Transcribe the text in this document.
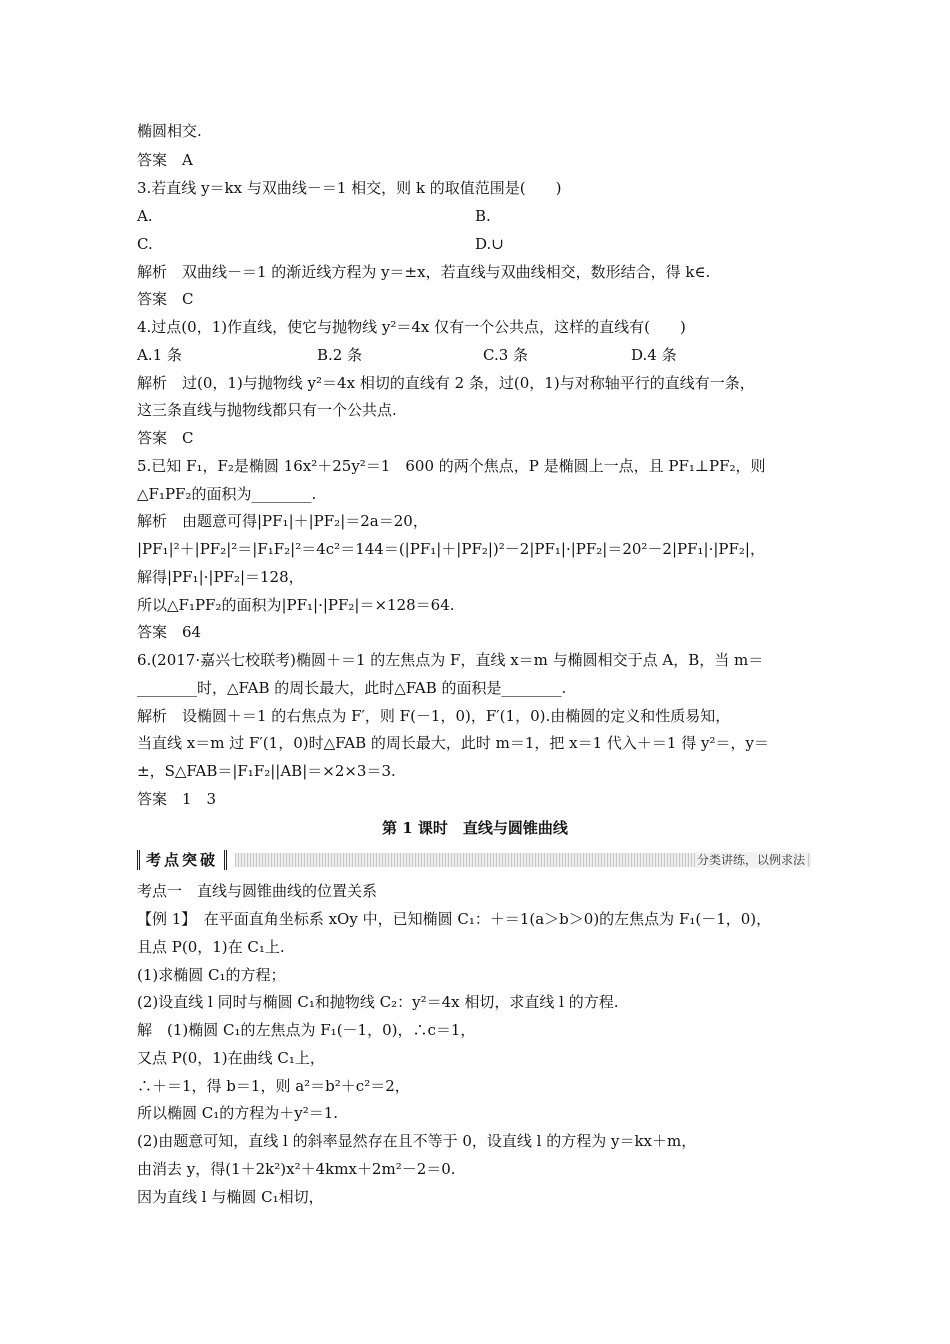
椭圆相交.
答案　A
3.若直线 y＝kx 与双曲线－＝1 相交，则 k 的取值范围是(　　)
A.	B.
C.	D.∪
解析　双曲线－＝1 的渐近线方程为 y＝±x，若直线与双曲线相交，数形结合，得 k∈.
答案　C
4.过点(0，1)作直线，使它与抛物线 y²＝4x 仅有一个公共点，这样的直线有(　　)
A.1 条	B.2 条	C.3 条	D.4 条
解析　过(0，1)与抛物线 y²＝4x 相切的直线有 2 条，过(0，1)与对称轴平行的直线有一条，
这三条直线与抛物线都只有一个公共点.
答案　C
5.已知 F₁，F₂是椭圆 16x²＋25y²＝1　600 的两个焦点，P 是椭圆上一点，且 PF₁⊥PF₂，则
△F₁PF₂的面积为________.
解析　由题意可得|PF₁|＋|PF₂|＝2a＝20，
|PF₁|²＋|PF₂|²＝|F₁F₂|²＝4c²＝144＝(|PF₁|＋|PF₂|)²－2|PF₁|·|PF₂|＝20²－2|PF₁|·|PF₂|，
解得|PF₁|·|PF₂|＝128，
所以△F₁PF₂的面积为|PF₁|·|PF₂|＝×128＝64.
答案　64
6.(2017·嘉兴七校联考)椭圆＋＝1 的左焦点为 F，直线 x＝m 与椭圆相交于点 A，B，当 m＝
________时，△FAB 的周长最大，此时△FAB 的面积是________.
解析　设椭圆＋＝1 的右焦点为 F′，则 F(－1，0)，F′(1，0).由椭圆的定义和性质易知，
当直线 x＝m 过 F′(1，0)时△FAB 的周长最大，此时 m＝1，把 x＝1 代入＋＝1 得 y²＝，y＝
±，S△FAB＝|F₁F₂||AB|＝×2×3＝3.
答案　1　3
第 1 课时　直线与圆锥曲线
考点突破	分类讲练，以例求法
考点一　直线与圆锥曲线的位置关系
【例 1】　在平面直角坐标系 xOy 中，已知椭圆 C₁：＋＝1(a＞b＞0)的左焦点为 F₁(－1，0)，
且点 P(0，1)在 C₁上.
(1)求椭圆 C₁的方程；
(2)设直线 l 同时与椭圆 C₁和抛物线 C₂：y²＝4x 相切，求直线 l 的方程.
解　(1)椭圆 C₁的左焦点为 F₁(－1，0)，∴c＝1，
又点 P(0，1)在曲线 C₁上，
∴＋＝1，得 b＝1，则 a²＝b²＋c²＝2，
所以椭圆 C₁的方程为＋y²＝1.
(2)由题意可知，直线 l 的斜率显然存在且不等于 0，设直线 l 的方程为 y＝kx＋m，
由消去 y，得(1＋2k²)x²＋4kmx＋2m²－2＝0.
因为直线 l 与椭圆 C₁相切，
